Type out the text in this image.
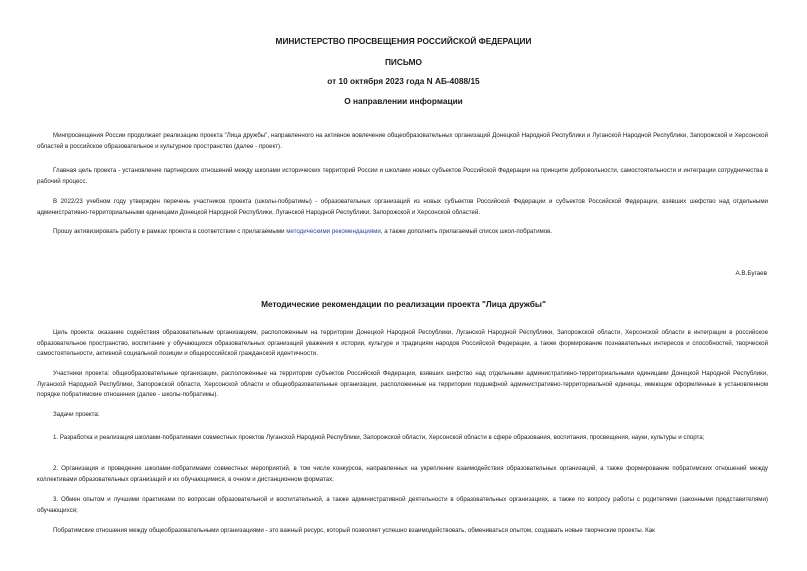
МИНИСТЕРСТВО ПРОСВЕЩЕНИЯ РОССИЙСКОЙ ФЕДЕРАЦИИ
ПИСЬМО
от 10 октября 2023 года N АБ-4088/15
О направлении информации

Минпросвещения России продолжает реализацию проекта "Лица дружбы", направленного на активное вовлечение общеобразовательных организаций Донецкой Народной Республики и Луганской Народной Республики, Запорожской и Херсонской областей в российское образовательное и культурное пространство (далее - проект).

Главная цель проекта - установление партнерских отношений между школами исторических территорий России и школами новых субъектов Российской Федерации на принципе добровольности, самостоятельности и интеграции сотрудничества в рабочий процесс.

В 2022/23 учебном году утвержден перечень участников проекта (школы-побратимы) - образовательных организаций из новых субъектов Российской Федерации и субъектов Российской Федерации, взявших шефство над отдельными административно-территориальными единицами Донецкой Народной Республики, Луганской Народной Республики, Запорожской и Херсонской областей.

Прошу активизировать работу в рамках проекта в соответствии с прилагаемыми методическими рекомендациями, а также дополнить прилагаемый список школ-побратимов.

А.В.Бугаев
Методические рекомендации по реализации проекта "Лица дружбы"

Цель проекта: оказание содействия образовательным организациям, расположенным на территории Донецкой Народной Республики, Луганской Народной Республики, Запорожской области, Херсонской области в интеграции в российское образовательное пространство, воспитание у обучающихся образовательных организаций уважения к истории, культуре и традициям народов Российской Федерации, а также формирование познавательных интересов и способностей, творческой самостоятельности, активной социальной позиции и общероссийской гражданской идентичности.

Участники проекта: общеобразовательные организации, расположенные на территории субъектов Российской Федерации, взявших шефство над отдельными административно-территориальными единицами Донецкой Народной Республики, Луганской Народной Республики, Запорожской области, Херсонской области и общеобразовательные организации, расположенные на территории подшефной административно-территориальной единицы, имеющие оформленные в установленном порядке побратимские отношения (далее - школы-побратимы).

Задачи проекта:

1. Разработка и реализация школами-побратимами совместных проектов Луганской Народной Республики, Запорожской области, Херсонской области в сфере образования, воспитания, просвещения, науки, культуры и спорта;

2. Организация и проведение школами-побратимами совместных мероприятий, в том числе конкурсов, направленных на укрепление взаимодействия образовательных организаций, а также формирование побратимских отношений между коллективами образовательных организаций и их обучающимися, в очном и дистанционном форматах;

3. Обмен опытом и лучшими практиками по вопросам образовательной и воспитательной, а также административной деятельности в образовательных организациях, а также по вопросу работы с родителями (законными представителями) обучающихся;

Побратимские отношения между общеобразовательными организациями - это важный ресурс, который позволяет успешно взаимодействовать, обмениваться опытом, создавать новые творческие проекты. Как
